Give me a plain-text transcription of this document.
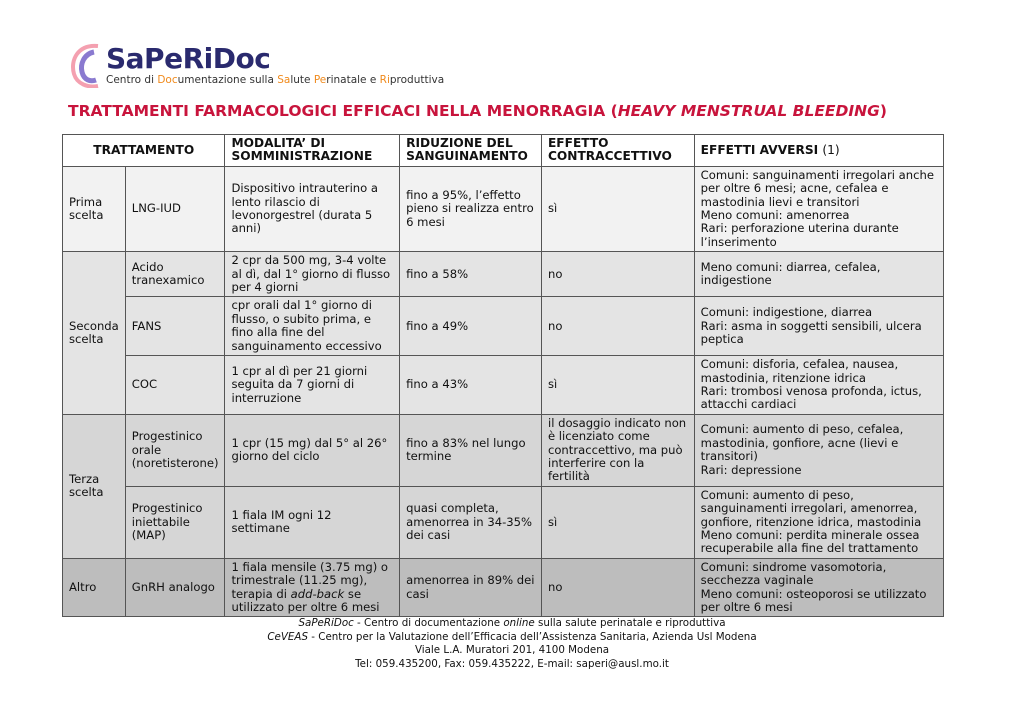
SaPeRiDoc
Centro di Documentazione sulla Salute Perinatale e Riproduttiva
TRATTAMENTI FARMACOLOGICI EFFICACI NELLA MENORRAGIA (HEAVY MENSTRUAL BLEEDING)
TRATTAMENTO		MODALITA’ DI SOMMINISTRAZIONE	RIDUZIONE DEL SANGUINAMENTO	EFFETTO CONTRACCETTIVO	EFFETTI AVVERSI (1)
Prima scelta	LNG-IUD	Dispositivo intrauterino a lento rilascio di levonorgestrel (durata 5 anni)	fino a 95%, l’effetto pieno si realizza entro 6 mesi	sì	Comuni: sanguinamenti irregolari anche per oltre 6 mesi; acne, cefalea e mastodinia lievi e transitori
Meno comuni: amenorrea
Rari: perforazione uterina durante l’inserimento

Seconda scelta	Acido tranexamico	2 cpr da 500 mg, 3-4 volte al dì, dal 1° giorno di flusso per 4 giorni	fino a 58%	no	Meno comuni: diarrea, cefalea, indigestione

	FANS	cpr orali dal 1° giorno di flusso, o subito prima, e fino alla fine del sanguinamento eccessivo	fino a 49%	no	Comuni: indigestione, diarrea
Rari: asma in soggetti sensibili, ulcera peptica

	COC	1 cpr al dì per 21 giorni seguita da 7 giorni di interruzione	fino a 43%	sì	Comuni: disforia, cefalea, nausea, mastodinia, ritenzione idrica
Rari: trombosi venosa profonda, ictus, attacchi cardiaci

Terza scelta	Progestinico orale (noretisterone)	1 cpr (15 mg) dal 5° al 26° giorno del ciclo	fino a 83% nel lungo termine	il dosaggio indicato non è licenziato come contraccettivo, ma può interferire con la fertilità	Comuni: aumento di peso, cefalea, mastodinia, gonfiore, acne (lievi e transitori)
Rari: depressione

	Progestinico iniettabile (MAP)	1 fiala IM ogni 12 settimane	quasi completa, amenorrea in 34-35% dei casi	sì	Comuni: aumento di peso, sanguinamenti irregolari, amenorrea, gonfiore, ritenzione idrica, mastodinia
Meno comuni: perdita minerale ossea recuperabile alla fine del trattamento

Altro	GnRH analogo	1 fiala mensile (3.75 mg) o trimestrale (11.25 mg), terapia di add-back se utilizzato per oltre 6 mesi	amenorrea in 89% dei casi	no	Comuni: sindrome vasomotoria, secchezza vaginale
Meno comuni: osteoporosi se utilizzato per oltre 6 mesi
SaPeRiDoc - Centro di documentazione online sulla salute perinatale e riproduttiva
CeVEAS - Centro per la Valutazione dell’Efficacia dell’Assistenza Sanitaria, Azienda Usl Modena
Viale L.A. Muratori 201, 4100 Modena
Tel: 059.435200, Fax: 059.435222, E-mail: saperi@ausl.mo.it
